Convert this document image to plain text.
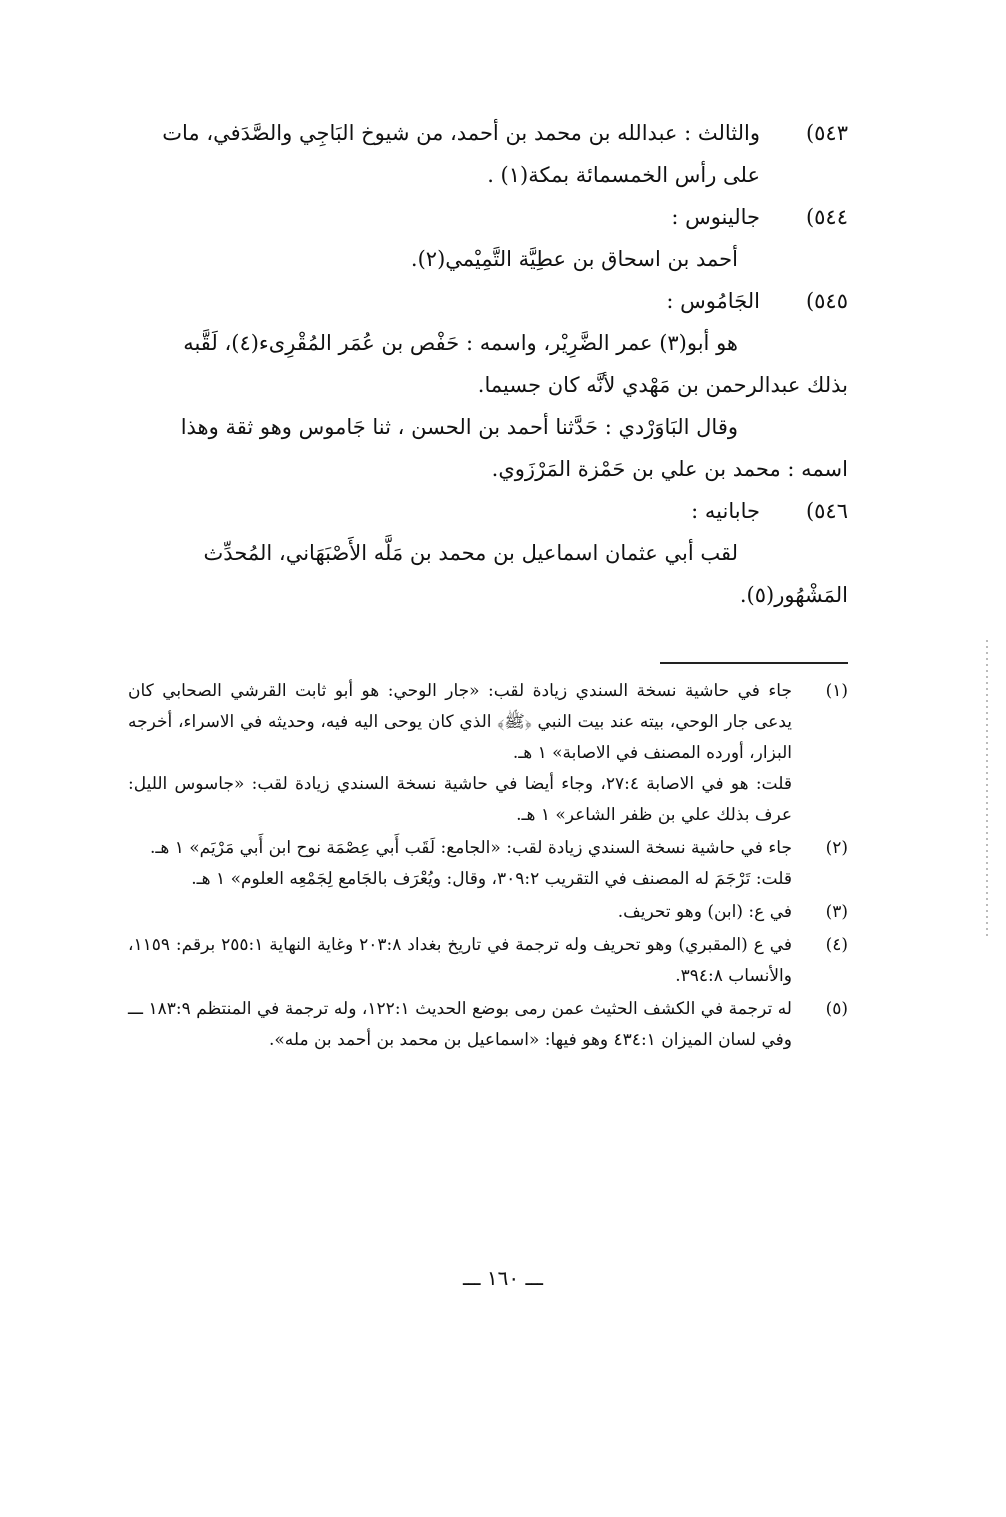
٥٤٣)
والثالث : عبدالله بن محمد بن أحمد، من شيوخ البَاجِي والصَّدَفي، مات
على رأس الخمسمائة بمكة(١) .
٥٤٤)
جالينوس :
أحمد بن اسحاق بن عطِيَّة التَّمِيْمي(٢).
٥٤٥)
الجَامُوس :
هو أبو(٣) عمر الضَّرِيْر، واسمه : حَفْص بن عُمَر المُقْرِىء(٤)، لَقَّبه
بذلك عبدالرحمن بن مَهْدي لأنَّه كان جسيما.
وقال البَاوَرْدي : حَدَّثنا أحمد بن الحسن ، ثنا جَاموس وهو ثقة وهذا
اسمه : محمد بن علي بن حَمْزة المَرْزَوي.
٥٤٦)
جابانيه :
لقب أبي عثمان اسماعيل بن محمد بن مَلَّه الأَصْبَهَاني، المُحدِّث
المَشْهُور(٥).
(١)

جاء في حاشية نسخة السندي زيادة لقب: «جار الوحي: هو أبو ثابت القرشي الصحابي كان يدعى جار الوحي، بيته عند بيت النبي ﴿ﷺ﴾ الذي كان يوحى اليه فيه، وحديثه في الاسراء، أخرجه البزار، أورده المصنف في الاصابة» ١ هـ.

قلت: هو في الاصابة ٢٧:٤، وجاء أيضا في حاشية نسخة السندي زيادة لقب: «جاسوس الليل: عرف بذلك علي بن ظفر الشاعر» ١ هـ.

(٢)

جاء في حاشية نسخة السندي زيادة لقب: «الجامع: لَقَب أَبي عِصْمَة نوح ابن أَبي مَرْيَم» ١ هـ.

قلت: تَرْجَمَ له المصنف في التقريب ٣٠٩:٢، وقال: ويُعْرَف بالجَامع لِجَمْعِه العلوم» ١ هـ.

(٣)

في ع: (ابن) وهو تحريف.

(٤)

في ع (المقبري) وهو تحريف وله ترجمة في تاريخ بغداد ٢٠٣:٨ وغاية النهاية ٢٥٥:١ برقم: ١١٥٩، والأنساب ٣٩٤:٨.

(٥)

له ترجمة في الكشف الحثيث عمن رمى بوضع الحديث ١٢٢:١، وله ترجمة في المنتظم ١٨٣:٩ ـــ وفي لسان الميزان ٤٣٤:١ وهو فيها: «اسماعيل بن محمد بن أحمد بن مله».

ـــ ١٦٠ ـــ
